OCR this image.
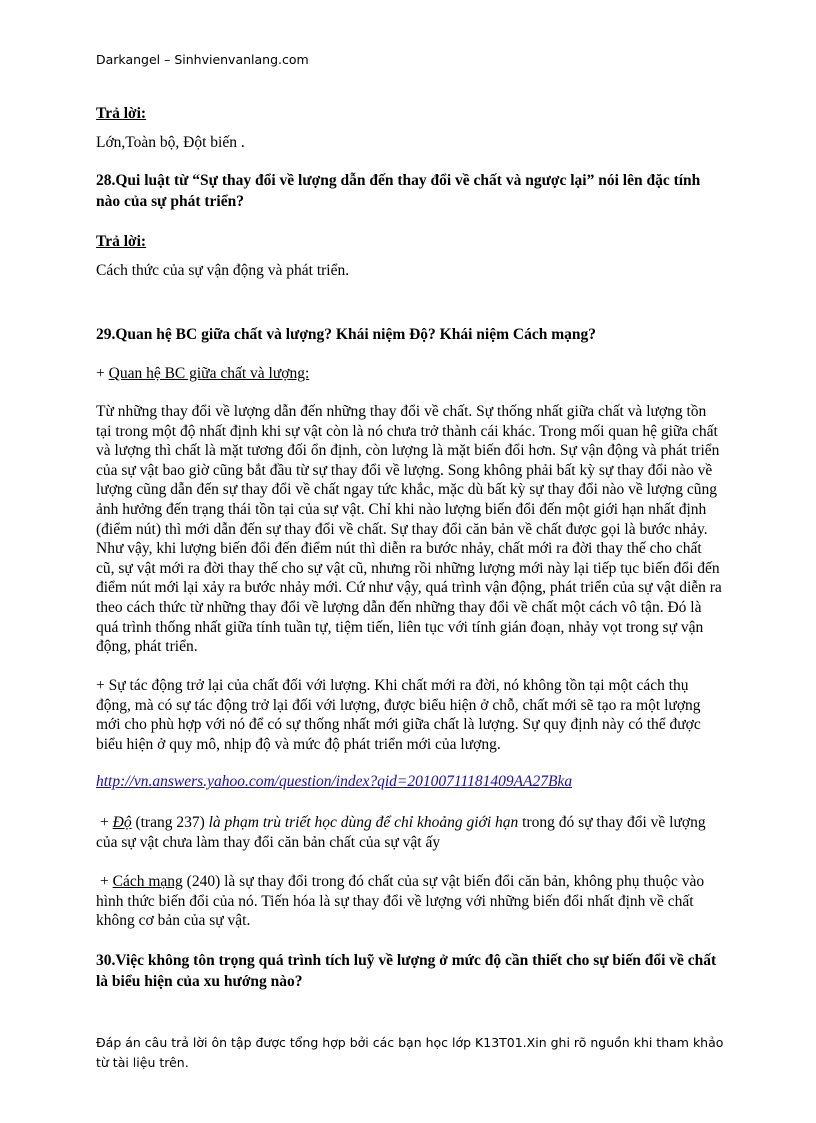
Darkangel – Sinhvienvanlang.com
Trả lời:
Lớn,Toàn bộ, Đột biến .
28.Qui luật từ “Sự thay đổi về lượng dẫn đến thay đổi về chất và ngược lại” nói lên đặc tính nào của sự phát triển?
Trả lời:
Cách thức của sự vận động và phát triển.
29.Quan hệ BC giữa chất và lượng? Khái niệm Độ? Khái niệm Cách mạng?
+ Quan hệ BC giữa chất và lượng:
Từ những thay đổi về lượng dẫn đến những thay đổi về chất. Sự thống nhất giữa chất và lượng tồn tại trong một độ nhất định khi sự vật còn là nó chưa trở thành cái khác. Trong mối quan hệ giữa chất và lượng thì chất là mặt tương đối ổn định, còn lượng là mặt biến đổi hơn. Sự vận động và phát triển của sự vật bao giờ cũng bắt đầu từ sự thay đổi về lượng. Song không phải bất kỳ sự thay đổi nào về lượng cũng dẫn đến sự thay đổi về chất ngay tức khắc, mặc dù bất kỳ sự thay đổi nào về lượng cũng ảnh hưởng đến trạng thái tồn tại của sự vật. Chỉ khi nào lượng biến đổi đến một giới hạn nhất định (điểm nút) thì mới dẫn đến sự thay đổi về chất. Sự thay đổi căn bản về chất được gọi là bước nhảy. Như vậy, khi lượng biến đổi đến điểm nút thì diễn ra bước nhảy, chất mới ra đời thay thế cho chất cũ, sự vật mới ra đời thay thế cho sự vật cũ, nhưng rồi những lượng mới này lại tiếp tục biến đổi đến điểm nút mới lại xảy ra bước nhảy mới. Cứ như vậy, quá trình vận động, phát triển của sự vật diễn ra theo cách thức từ những thay đổi về lượng dẫn đến những thay đổi về chất một cách vô tận. Đó là quá trình thống nhất giữa tính tuần tự, tiệm tiến, liên tục với tính gián đoạn, nhảy vọt trong sự vận động, phát triển.
+ Sự tác động trở lại của chất đối với lượng. Khi chất mới ra đời, nó không tồn tại một cách thụ động, mà có sự tác động trở lại đối với lượng, được biểu hiện ở chỗ, chất mới sẽ tạo ra một lượng mới cho phù hợp với nó để có sự thống nhất mới giữa chất là lượng. Sự quy định này có thể được biểu hiện ở quy mô, nhịp độ và mức độ phát triển mới của lượng.
http://vn.answers.yahoo.com/question/index?qid=20100711181409AA27Bka
+ Độ (trang 237) là phạm trù triết học dùng để chỉ khoảng giới hạn trong đó sự thay đổi về lượng của sự vật chưa làm thay đổi căn bản chất của sự vật ấy
+ Cách mạng (240) là sự thay đổi trong đó chất của sự vật biến đổi căn bản, không phụ thuộc vào hình thức biến đổi của nó. Tiến hóa là sự thay đổi về lượng với những biến đổi nhất định về chất không cơ bản của sự vật.
30.Việc không tôn trọng quá trình tích luỹ về lượng ở mức độ cần thiết cho sự biến đổi về chất là biểu hiện của xu hướng nào?
Đáp án câu trả lời ôn tập được tổng hợp bởi các bạn học lớp K13T01.Xin ghi rõ nguồn khi tham khảo từ tài liệu trên.
